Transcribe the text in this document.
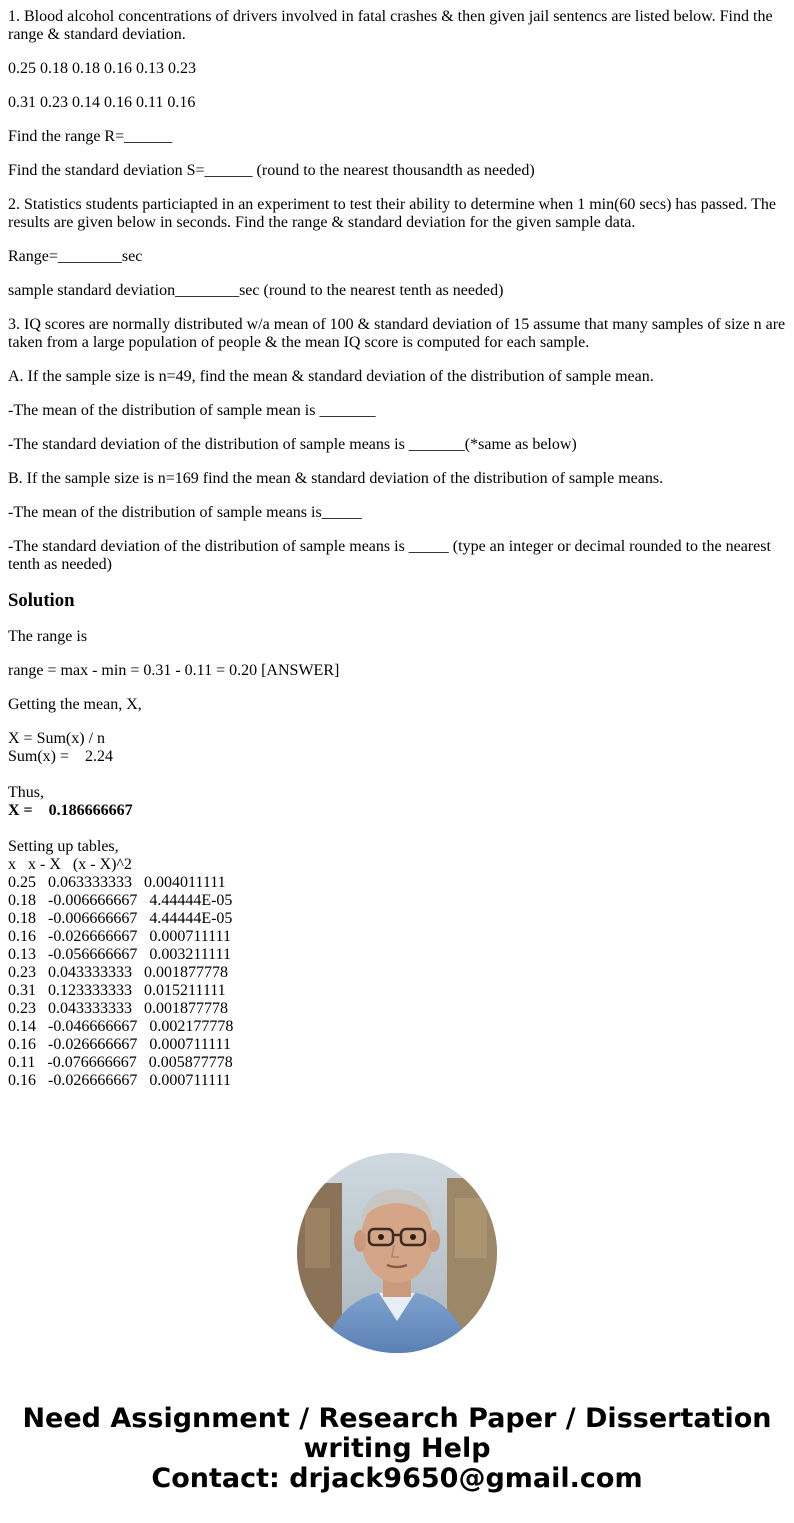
1. Blood alcohol concentrations of drivers involved in fatal crashes & then given jail sentencs are listed below. Find the range & standard deviation.

0.25 0.18 0.18 0.16 0.13 0.23

0.31 0.23 0.14 0.16 0.11 0.16

Find the range R=______

Find the standard deviation S=______ (round to the nearest thousandth as needed)

2. Statistics students particiapted in an experiment to test their ability to determine when 1 min(60 secs) has passed. The results are given below in seconds. Find the range & standard deviation for the given sample data.

Range=________sec

sample standard deviation________sec (round to the nearest tenth as needed)

3. IQ scores are normally distributed w/a mean of 100 & standard deviation of 15 assume that many samples of size n are taken from a large population of people & the mean IQ score is computed for each sample.

A. If the sample size is n=49, find the mean & standard deviation of the distribution of sample mean.

-The mean of the distribution of sample mean is _______

-The standard deviation of the distribution of sample means is _______(*same as below)

B. If the sample size is n=169 find the mean & standard deviation of the distribution of sample means.

-The mean of the distribution of sample means is_____

-The standard deviation of the distribution of sample means is _____ (type an integer or decimal rounded to the nearest tenth as needed)

Solution

The range is

range = max - min = 0.31 - 0.11 = 0.20 [ANSWER]

Getting the mean, X,

X = Sum(x) / n

Sum(x) =    2.24

Thus,

X =    0.186666667

Setting up tables,

x   x - X   (x - X)^2

0.25   0.063333333   0.004011111

0.18   -0.006666667   4.44444E-05

0.18   -0.006666667   4.44444E-05

0.16   -0.026666667   0.000711111

0.13   -0.056666667   0.003211111

0.23   0.043333333   0.001877778

0.31   0.123333333   0.015211111

0.23   0.043333333   0.001877778

0.14   -0.046666667   0.002177778

0.16   -0.026666667   0.000711111

0.11   -0.076666667   0.005877778

0.16   -0.026666667   0.000711111

Need Assignment / Research Paper / Dissertation
writing Help
Contact: drjack9650@gmail.com
